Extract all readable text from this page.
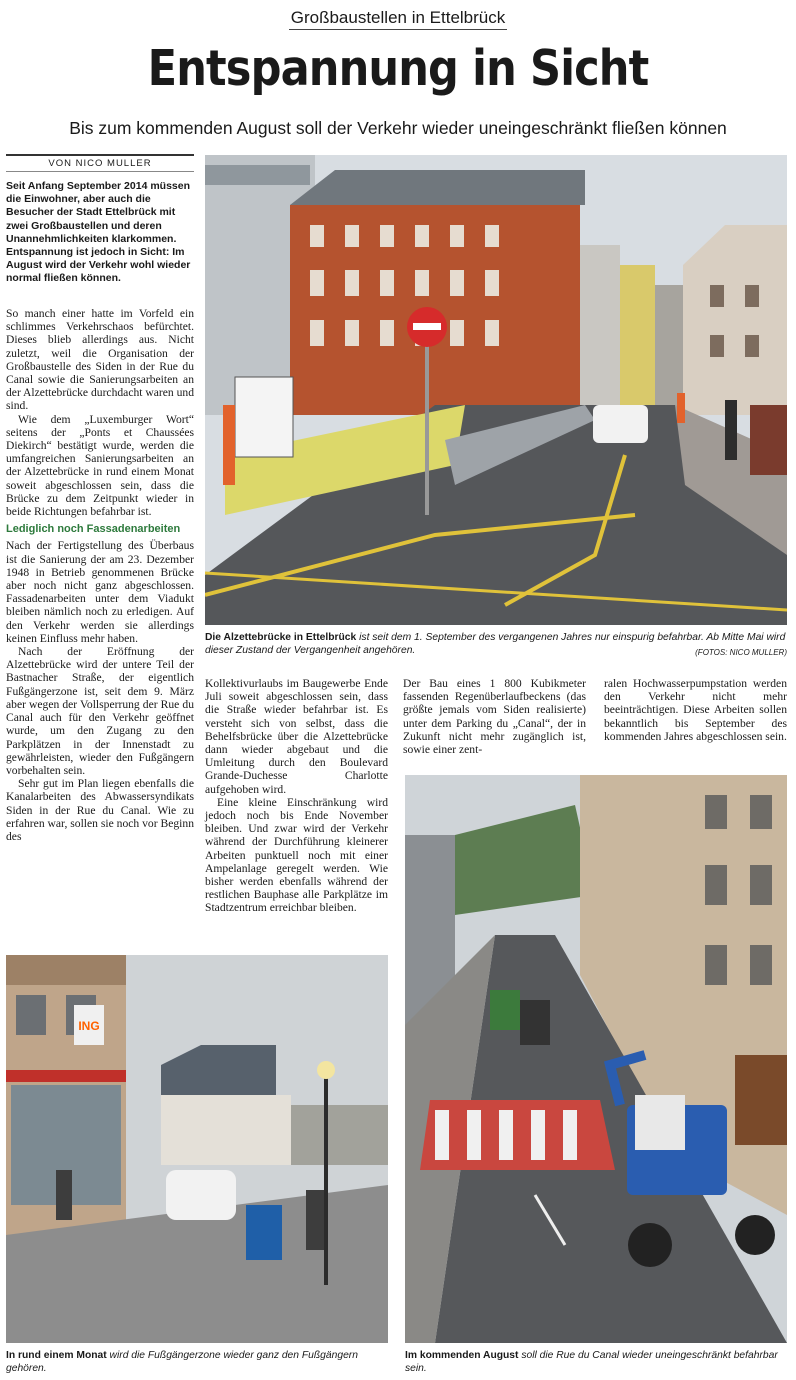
Großbaustellen in Ettelbrück
Entspannung in Sicht
Bis zum kommenden August soll der Verkehr wieder uneingeschränkt fließen können
VON NICO MULLER
Seit Anfang September 2014 müssen die Einwohner, aber auch die Besucher der Stadt Ettelbrück mit zwei Großbaustellen und deren Unannehmlichkeiten klarkommen. Entspannung ist jedoch in Sicht: Im August wird der Verkehr wohl wieder normal fließen können.

So manch einer hatte im Vorfeld ein schlimmes Verkehrschaos befürchtet. Dieses blieb allerdings aus. Nicht zuletzt, weil die Organisation der Großbaustelle des Siden in der Rue du Canal sowie die Sanierungsarbeiten an der Alzettebrücke durchdacht waren und sind.

Wie dem „Luxemburger Wort“ seitens der „Ponts et Chaussées Diekirch“ bestätigt wurde, werden die umfangreichen Sanierungsarbeiten an der Alzettebrücke in rund einem Monat soweit abgeschlossen sein, dass die Brücke zu dem Zeitpunkt wieder in beide Richtungen befahrbar ist.

Lediglich noch Fassadenarbeiten

Nach der Fertigstellung des Überbaus ist die Sanierung der am 23. Dezember 1948 in Betrieb genommenen Brücke aber noch nicht ganz abgeschlossen. Fassadenarbeiten unter dem Viadukt bleiben nämlich noch zu erledigen. Auf den Verkehr werden sie allerdings keinen Einfluss mehr haben.

Nach der Eröffnung der Alzettebrücke wird der untere Teil der Bastnacher Straße, der eigentlich Fußgängerzone ist, seit dem 9. März aber wegen der Vollsperrung der Rue du Canal auch für den Verkehr geöffnet wurde, um den Zugang zu den Parkplätzen in der Innenstadt zu gewährleisten, wieder den Fußgängern vorbehalten sein.

Sehr gut im Plan liegen ebenfalls die Kanalarbeiten des Abwassersyndikats Siden in der Rue du Canal. Wie zu erfahren war, sollen sie noch vor Beginn des

Die Alzettebrücke in Ettelbrück ist seit dem 1. September des vergangenen Jahres nur einspurig befahrbar. Ab Mitte Mai wird dieser Zustand der Vergangenheit angehören.	(FOTOS: NICO MULLER)

Kollektivurlaubs im Baugewerbe Ende Juli soweit abgeschlossen sein, dass die Straße wieder befahrbar ist. Es versteht sich von selbst, dass die Behelfsbrücke über die Alzettebrücke dann wieder abgebaut und die Umleitung durch den Boulevard Grande-Duchesse Charlotte aufgehoben wird.

Eine kleine Einschränkung wird jedoch noch bis Ende November bleiben. Und zwar wird der Verkehr während der Durchführung kleinerer Arbeiten punktuell noch mit einer Ampelanlage geregelt werden. Wie bisher werden ebenfalls während der restlichen Bauphase alle Parkplätze im Stadtzentrum erreichbar bleiben.

Der Bau eines 1 800 Kubikmeter fassenden Regenüberlaufbeckens (das größte jemals vom Siden realisierte) unter dem Parking du „Canal“, der in Zukunft nicht mehr zugänglich ist, sowie einer zent-

ralen Hochwasserpumpstation werden den Verkehr nicht mehr beeinträchtigen. Diese Arbeiten sollen bekanntlich bis September des kommenden Jahres abgeschlossen sein.

ING
In rund einem Monat wird die Fußgängerzone wieder ganz den Fußgängern gehören.
Im kommenden August soll die Rue du Canal wieder uneingeschränkt befahrbar sein.
